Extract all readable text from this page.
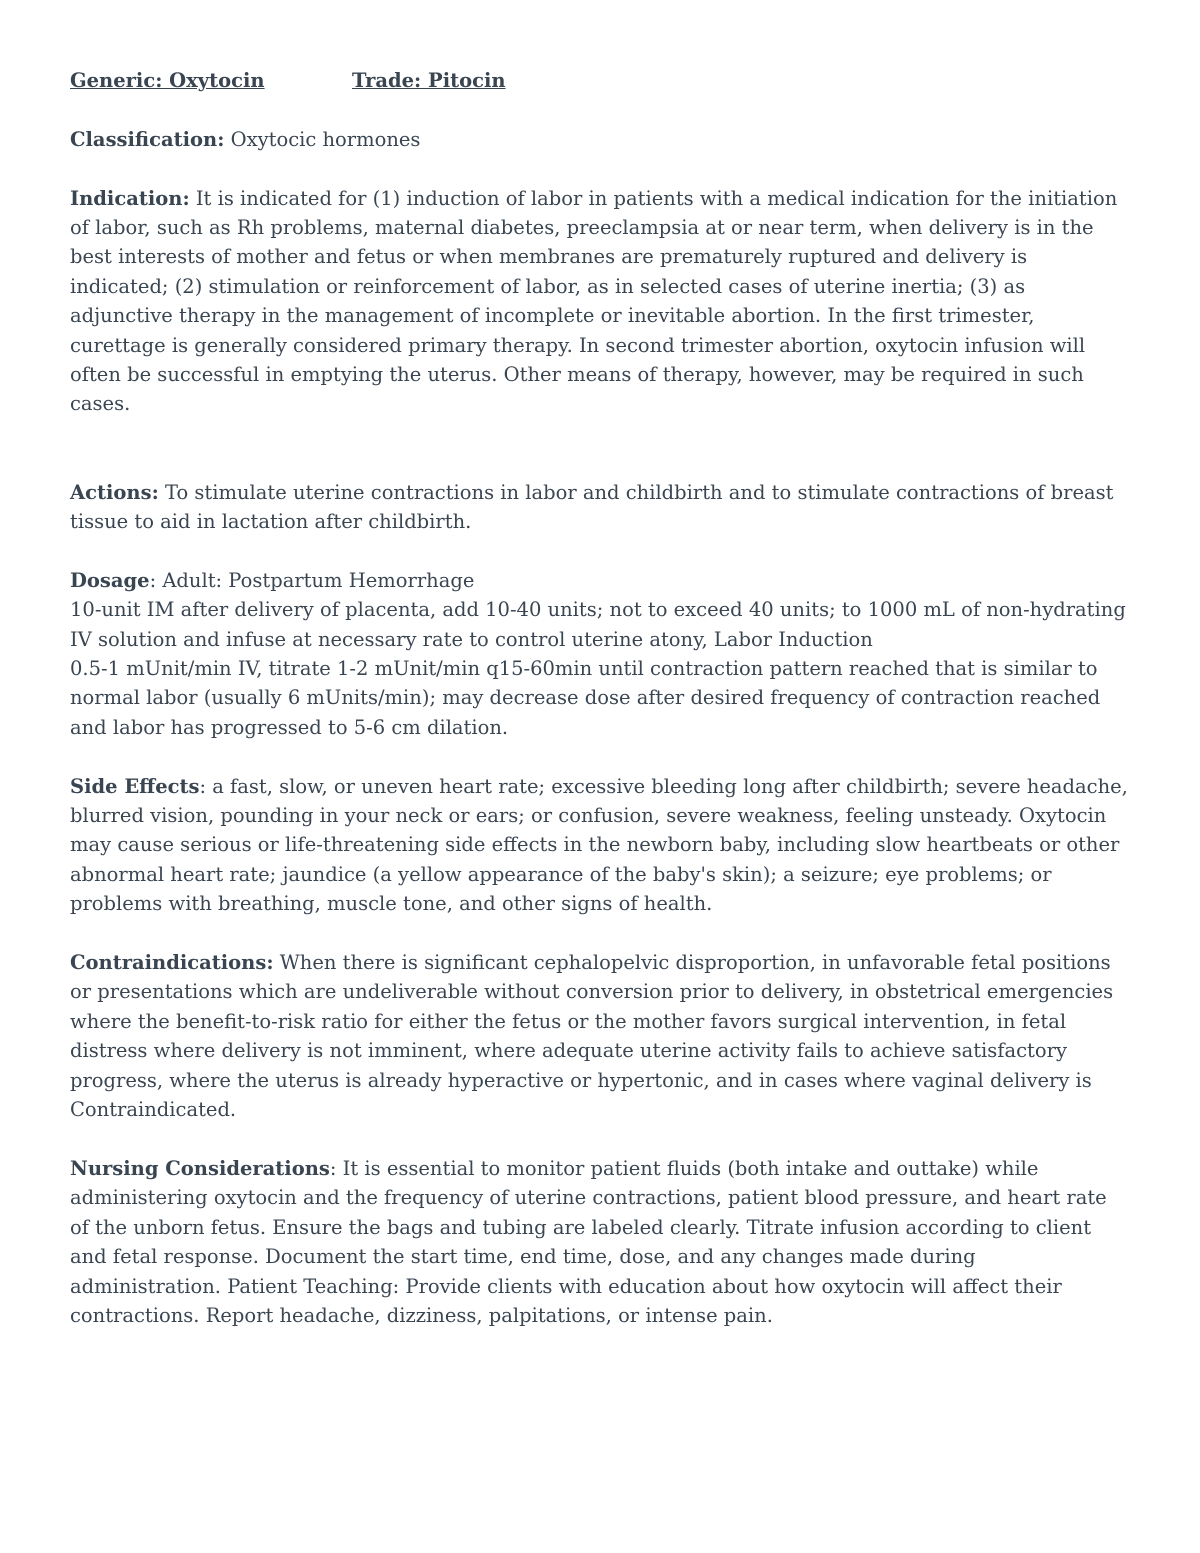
Generic: Oxytocin	Trade: Pitocin

Classification: Oxytocic hormones

Indication: It is indicated for (1) induction of labor in patients with a medical indication for the initiation of labor, such as Rh problems, maternal diabetes, preeclampsia at or near term, when delivery is in the best interests of mother and fetus or when membranes are prematurely ruptured and delivery is indicated; (2) stimulation or reinforcement of labor, as in selected cases of uterine inertia; (3) as adjunctive therapy in the management of incomplete or inevitable abortion. In the first trimester, curettage is generally considered primary therapy. In second trimester abortion, oxytocin infusion will often be successful in emptying the uterus. Other means of therapy, however, may be required in such cases.

Actions: To stimulate uterine contractions in labor and childbirth and to stimulate contractions of breast tissue to aid in lactation after childbirth.

Dosage: Adult: Postpartum Hemorrhage

10-unit IM after delivery of placenta, add 10-40 units; not to exceed 40 units; to 1000 mL of non-hydrating IV solution and infuse at necessary rate to control uterine atony, Labor Induction

0.5-1 mUnit/min IV, titrate 1-2 mUnit/min q15-60min until contraction pattern reached that is similar to normal labor (usually 6 mUnits/min); may decrease dose after desired frequency of contraction reached and labor has progressed to 5-6 cm dilation.

Side Effects: a fast, slow, or uneven heart rate; excessive bleeding long after childbirth; severe headache, blurred vision, pounding in your neck or ears; or confusion, severe weakness, feeling unsteady. Oxytocin may cause serious or life-threatening side effects in the newborn baby, including slow heartbeats or other abnormal heart rate; jaundice (a yellow appearance of the baby's skin); a seizure; eye problems; or problems with breathing, muscle tone, and other signs of health.

Contraindications: When there is significant cephalopelvic disproportion, in unfavorable fetal positions or presentations which are undeliverable without conversion prior to delivery, in obstetrical emergencies where the benefit-to-risk ratio for either the fetus or the mother favors surgical intervention, in fetal distress where delivery is not imminent, where adequate uterine activity fails to achieve satisfactory progress, where the uterus is already hyperactive or hypertonic, and in cases where vaginal delivery is Contraindicated.

Nursing Considerations: It is essential to monitor patient fluids (both intake and outtake) while administering oxytocin and the frequency of uterine contractions, patient blood pressure, and heart rate of the unborn fetus. Ensure the bags and tubing are labeled clearly. Titrate infusion according to client and fetal response. Document the start time, end time, dose, and any changes made during administration. Patient Teaching: Provide clients with education about how oxytocin will affect their contractions. Report headache, dizziness, palpitations, or intense pain.
